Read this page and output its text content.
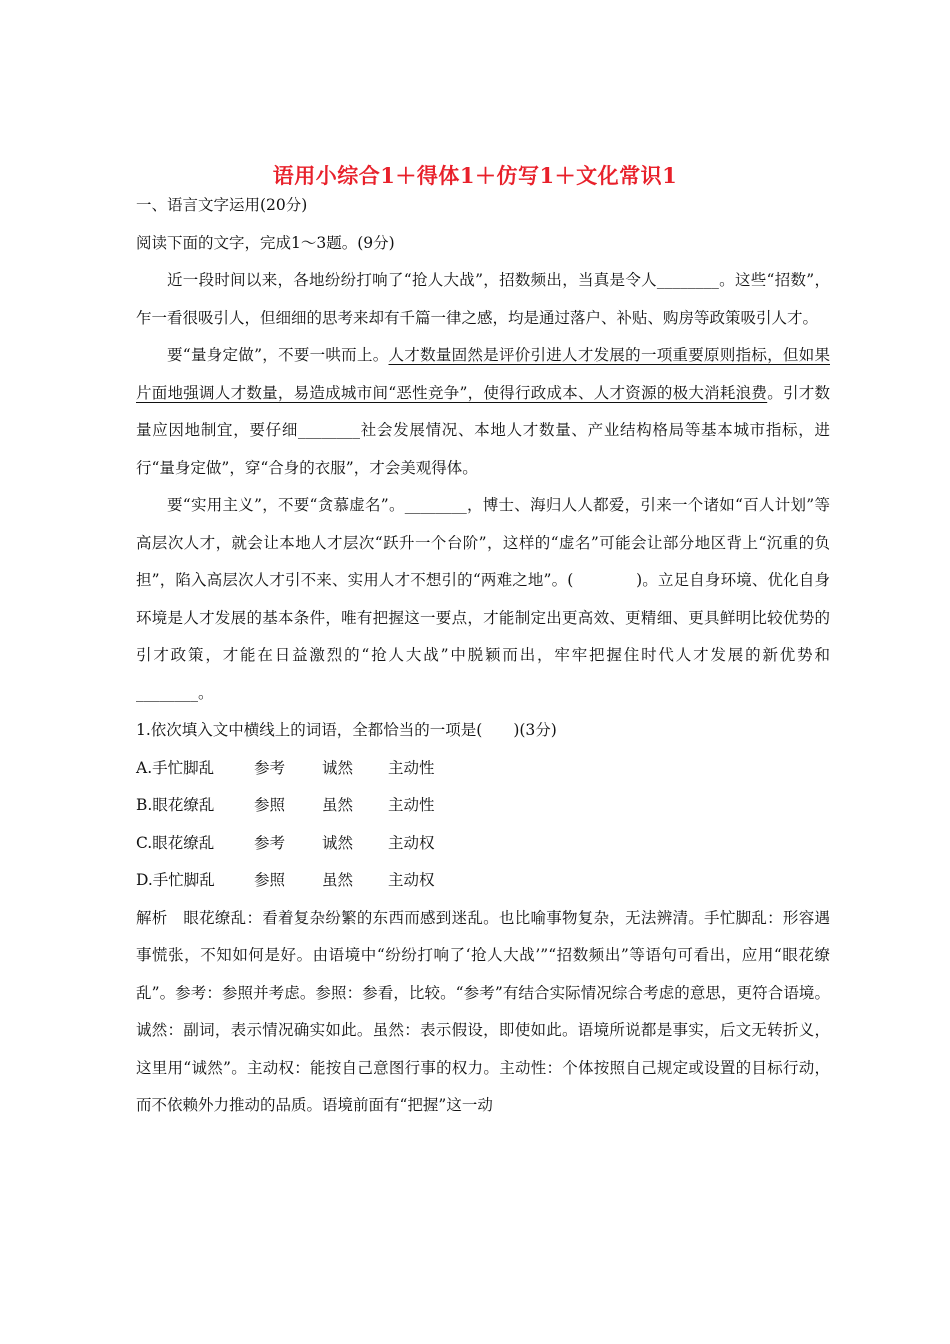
语用小综合1＋得体1＋仿写1＋文化常识1

一、语言文字运用(20分)

阅读下面的文字，完成1～3题。(9分)

近一段时间以来，各地纷纷打响了“抢人大战”，招数频出，当真是令人________。这些“招数”，乍一看很吸引人，但细细的思考来却有千篇一律之感，均是通过落户、补贴、购房等政策吸引人才。

要“量身定做”，不要一哄而上。人才数量固然是评价引进人才发展的一项重要原则指标，但如果片面地强调人才数量，易造成城市间“恶性竞争”，使得行政成本、人才资源的极大消耗浪费。引才数量应因地制宜，要仔细________社会发展情况、本地人才数量、产业结构格局等基本城市指标，进行“量身定做”，穿“合身的衣服”，才会美观得体。

要“实用主义”，不要“贪慕虚名”。________，博士、海归人人都爱，引来一个诸如“百人计划”等高层次人才，就会让本地人才层次“跃升一个台阶”，这样的“虚名”可能会让部分地区背上“沉重的负担”，陷入高层次人才引不来、实用人才不想引的“两难之地”。(　　　　)。立足自身环境、优化自身环境是人才发展的基本条件，唯有把握这一要点，才能制定出更高效、更精细、更具鲜明比较优势的引才政策，才能在日益激烈的“抢人大战”中脱颖而出，牢牢把握住时代人才发展的新优势和________。

1.依次填入文中横线上的词语，全都恰当的一项是(　　)(3分)

A.手忙脚乱	参考 诚然 主动性

B.眼花缭乱	参照 虽然 主动性

C.眼花缭乱	参考 诚然 主动权

D.手忙脚乱	参照 虽然 主动权

解析　眼花缭乱：看着复杂纷繁的东西而感到迷乱。也比喻事物复杂，无法辨清。手忙脚乱：形容遇事慌张，不知如何是好。由语境中“纷纷打响了‘抢人大战’”“招数频出”等语句可看出，应用“眼花缭乱”。参考：参照并考虑。参照：参看，比较。“参考”有结合实际情况综合考虑的意思，更符合语境。诚然：副词，表示情况确实如此。虽然：表示假设，即使如此。语境所说都是事实，后文无转折义，这里用“诚然”。主动权：能按自己意图行事的权力。主动性：个体按照自己规定或设置的目标行动，而不依赖外力推动的品质。语境前面有“把握”这一动
